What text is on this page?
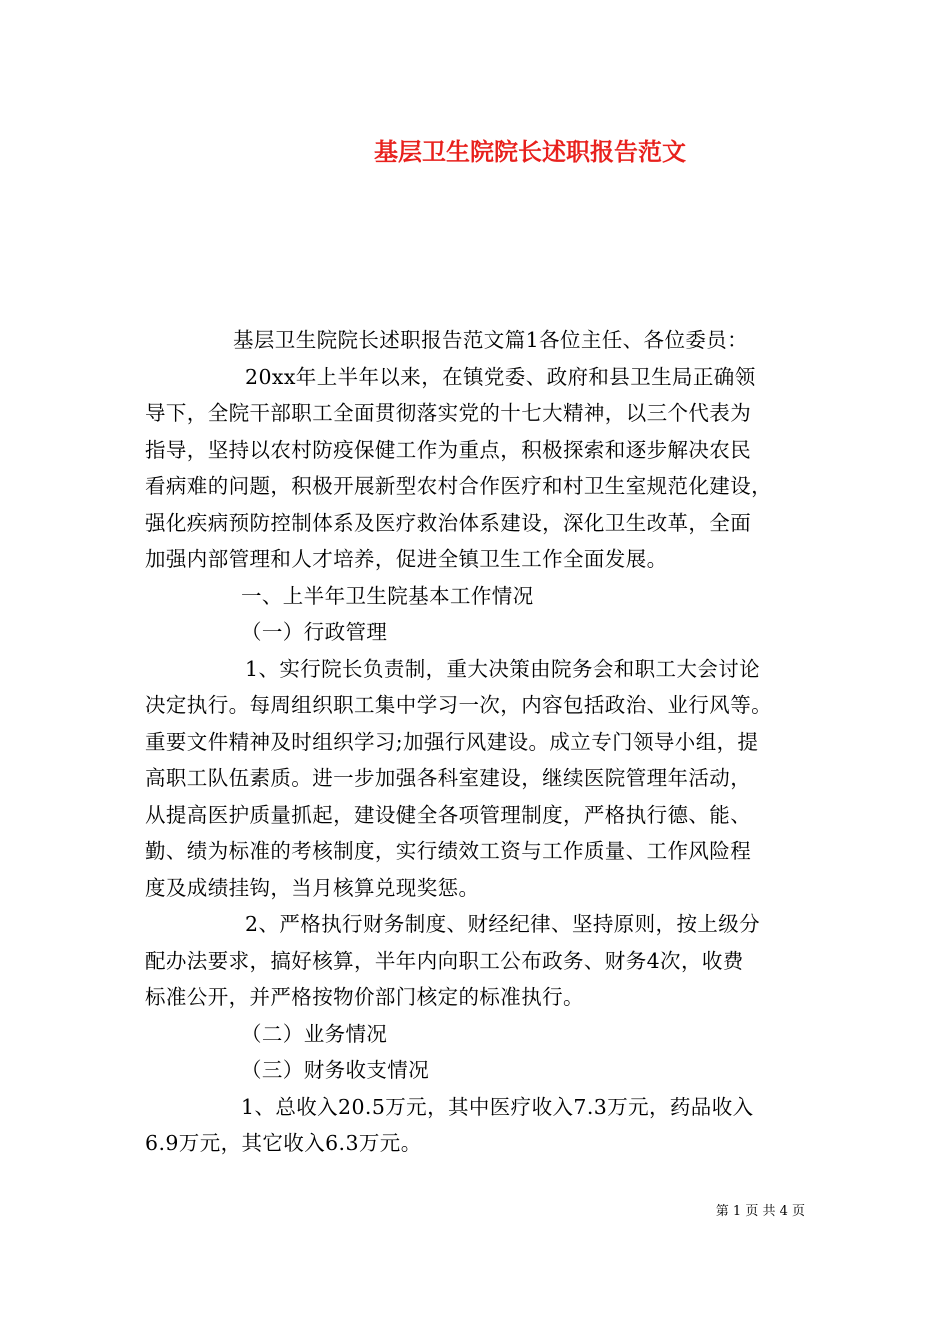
基层卫生院院长述职报告范文
基层卫生院院长述职报告范文篇1各位主任、各位委员：
20xx年上半年以来，在镇党委、政府和县卫生局正确领
导下，全院干部职工全面贯彻落实党的十七大精神，以三个代表为
指导，坚持以农村防疫保健工作为重点，积极探索和逐步解决农民
看病难的问题，积极开展新型农村合作医疗和村卫生室规范化建设，
强化疾病预防控制体系及医疗救治体系建设，深化卫生改革，全面
加强内部管理和人才培养，促进全镇卫生工作全面发展。
一、上半年卫生院基本工作情况
（一）行政管理
1、实行院长负责制，重大决策由院务会和职工大会讨论
决定执行。每周组织职工集中学习一次，内容包括政治、业行风等。
重要文件精神及时组织学习;加强行风建设。成立专门领导小组，提
高职工队伍素质。进一步加强各科室建设，继续医院管理年活动，
从提高医护质量抓起，建设健全各项管理制度，严格执行德、能、
勤、绩为标准的考核制度，实行绩效工资与工作质量、工作风险程
度及成绩挂钩，当月核算兑现奖惩。
2、严格执行财务制度、财经纪律、坚持原则，按上级分
配办法要求，搞好核算，半年内向职工公布政务、财务4次，收费
标准公开，并严格按物价部门核定的标准执行。
（二）业务情况
（三）财务收支情况
1、总收入20.5万元，其中医疗收入7.3万元，药品收入
6.9万元，其它收入6.3万元。
第 1 页 共 4 页
